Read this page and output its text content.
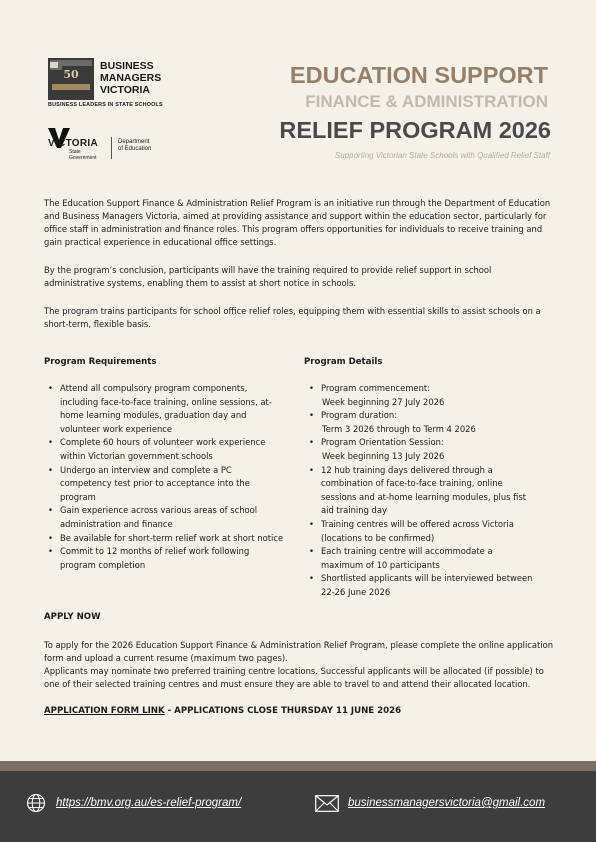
50
BUSINESS
MANAGERS
VICTORIA
BUSINESS LEADERS IN STATE SCHOOLS
VICTORIA
State
Government
Department
of Education
EDUCATION SUPPORT
FINANCE & ADMINISTRATION
RELIEF PROGRAM 2026
Supporting Victorian State Schools with Qualified Relief Staff

The Education Support Finance & Administration Relief Program is an initiative run through the Department of Education and Business Managers Victoria, aimed at providing assistance and support within the education sector, particularly for office staff in administration and finance roles. This program offers opportunities for individuals to receive training and gain practical experience in educational office settings.

By the program’s conclusion, participants will have the training required to provide relief support in school administrative systems, enabling them to assist at short notice in schools.

The program trains participants for school office relief roles, equipping them with essential skills to assist schools on a short-term, flexible basis.

Program Requirements
• Attend all compulsory program components, including face-to-face training, online sessions, at-home learning modules, graduation day and volunteer work experience
• Complete 60 hours of volunteer work experience within Victorian government schools
• Undergo an interview and complete a PC competency test prior to acceptance into the program
• Gain experience across various areas of school administration and finance
• Be available for short-term relief work at short notice
• Commit to 12 months of relief work following program completion
Program Details
• Program commencement:
Week beginning 27 July 2026
• Program duration:
Term 3 2026 through to Term 4 2026
• Program Orientation Session:
Week beginning 13 July 2026
• 12 hub training days delivered through a combination of face-to-face training, online sessions and at-home learning modules, plus fist aid training day
• Training centres will be offered across Victoria (locations to be confirmed)
• Each training centre will accommodate a maximum of 10 participants
• Shortlisted applicants will be interviewed between 22-26 June 2026
APPLY NOW
To apply for the 2026 Education Support Finance & Administration Relief Program, please complete the online application form and upload a current resume (maximum two pages).
Applicants may nominate two preferred training centre locations. Successful applicants will be allocated (if possible) to one of their selected training centres and must ensure they are able to travel to and attend their allocated location.
APPLICATION FORM LINK - APPLICATIONS CLOSE THURSDAY 11 JUNE 2026
https://bmv.org.au/es-relief-program/	businessmanagersvictoria@gmail.com
